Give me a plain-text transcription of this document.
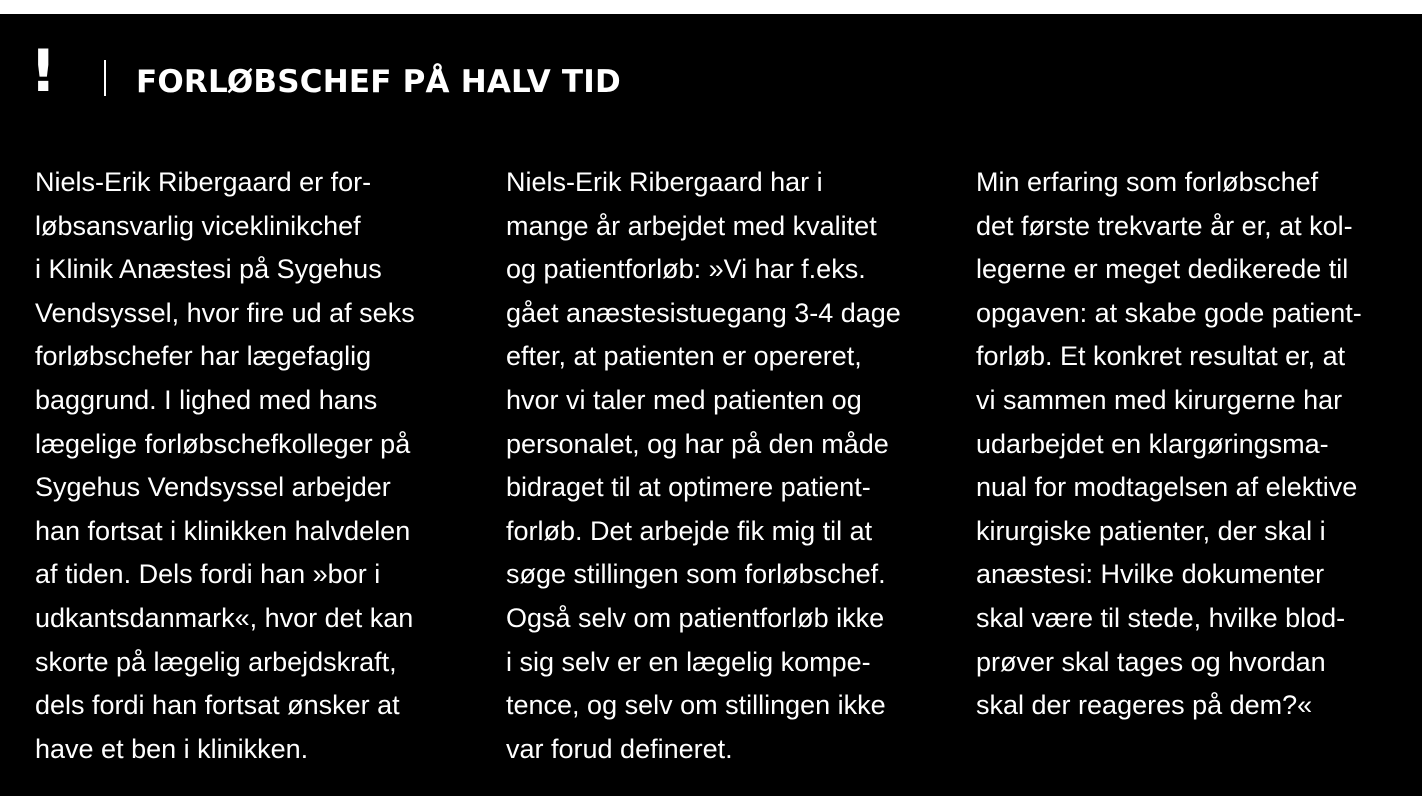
!	FORLØBSCHEF PÅ HALV TID
Niels-Erik Ribergaard er for-
løbsansvarlig viceklinikchef
i Klinik Anæstesi på Sygehus
Vendsyssel, hvor fire ud af seks
forløbschefer har lægefaglig
baggrund. I lighed med hans
lægelige forløbschefkolleger på
Sygehus Vendsyssel arbejder
han fortsat i klinikken halvdelen
af tiden. Dels fordi han »bor i
udkantsdanmark«, hvor det kan
skorte på lægelig arbejdskraft,
dels fordi han fortsat ønsker at
have et ben i klinikken.
Niels-Erik Ribergaard har i
mange år arbejdet med kvalitet
og patientforløb: »Vi har f.eks.
gået anæstesistuegang 3-4 dage
efter, at patienten er opereret,
hvor vi taler med patienten og
personalet, og har på den måde
bidraget til at optimere patient-
forløb. Det arbejde fik mig til at
søge stillingen som forløbschef.
Også selv om patientforløb ikke
i sig selv er en lægelig kompe-
tence, og selv om stillingen ikke
var forud defineret.
Min erfaring som forløbschef
det første trekvarte år er, at kol-
legerne er meget dedikerede til
opgaven: at skabe gode patient-
forløb. Et konkret resultat er, at
vi sammen med kirurgerne har
udarbejdet en klargøringsma-
nual for modtagelsen af elektive
kirurgiske patienter, der skal i
anæstesi: Hvilke dokumenter
skal være til stede, hvilke blod-
prøver skal tages og hvordan
skal der reageres på dem?«
